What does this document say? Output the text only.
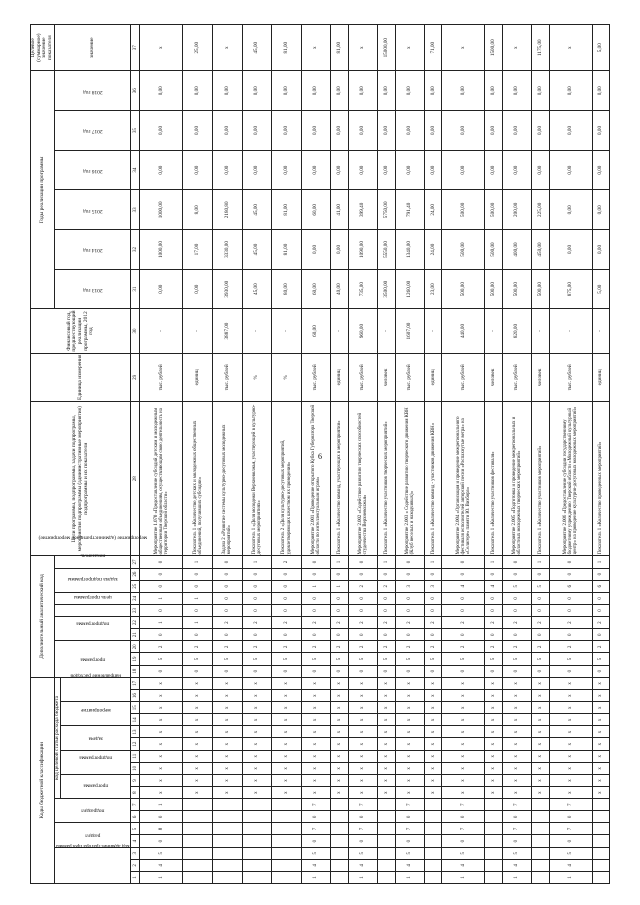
6
Коды бюджетной классификации																	Дополнительный аналитический код										Цели программы, подпрограммы, задачи подпрограмы, мероприятия подпрограммы (административные мероприятия) подпрограммы и их показатели	Единица измерения	Финансовый год, предшествующий реализации программы, 2012 год	Годы реализации программы						Целевое (суммарное) значение показателя
код администратора программы			раздел		подраздел		код целевой статьи расхода бюджета										программа			подпрограмма		цель программы	задача подпрограммы	мероприятие (административное мероприятие)		показатель				2013 год	2014 год	2015 год	2016 год	2017 год	2018 год	значение
							программа		подпрограмма		задача		мероприятие		направление расходов																					
1	2	3	4	5	6	7	8	9	10	11	12	13	14	15	16	17	18	19	20	21	22	23	24	25	26	27	28	29	30	31	32	33	34	35	36	37
1	4	5	0	8	0	1	x	x	x	x	x	x	x	x	x	x	0	5	2	0	1	0	1	0	0	0	Мероприятие 1.070 «Предоставление субсидий детским и молодежным общественным объединениям, осуществляющим свою деятельность на территории Тверской области»	тыс. рублей	-	0,00	1000,00	1000,00	0,00	0,00	0,00	x
							x	x	x	x	x	x	x	x	x	x	0	5	2	0	1	0	1	0	0	1	Показатель 1 «Количество детских и молодежных общественных объединений, получивших субсидии»	единиц	-	0,00	17,00	8,00	0,00	0,00	0,00	25,00
							x	x	x	x	x	x	x	x	x	x	0	5	2	0	2	0	0	0	0	0	Задача 2 «Развитие системы культурно-досуговых молодежных мероприятий»	тыс. рублей	3887,00	3930,00	3330,00	2180,80	0,00	0,00	0,00	x
							x	x	x	x	x	x	x	x	x	x	0	5	2	0	2	0	0	0	0	1	Показатель 1 «Доля молодежи Верхневолжья, участвующей в культурно-досуговых мероприятиях»	%	-	45,00	45,00	45,00	0,00	0,00	0,00	45,00
							x	x	x	x	x	x	x	x	x	x	0	5	2	0	2	0	0	0	0	2	Показатель 2 «Доля культурно-досуговых мероприятий, удовлетворяющих качеством их проведения»	%	-	80,00	81,00	81,00	0,00	0,00	0,00	81,00
1	4	5	0	7	0	7	x	x	x	x	x	x	x	x	x	x	0	5	2	0	2	0	0	1	0	0	Мероприятие 2.001 «Проведение открытого Кубка Губернатора Тверской области по интеллектуальным играм»	тыс. рублей	60,00	60,00	0,00	60,00	0,00	0,00	0,00	x
							x	x	x	x	x	x	x	x	x	x	0	5	2	0	2	0	0	1	0	1	Показатель 1 «Количество команд, участвующих в мероприятии»	единиц	-	40,00	0,00	41,00	0,00	0,00	0,00	81,00
1	4	5	0	7	0	7	x	x	x	x	x	x	x	x	x	x	0	5	2	0	2	0	0	2	0	0	Мероприятие 2.002 «Содействие развитию творческих способностей студенчества Верхневолжья»	тыс. рублей	960,00	735,00	1090,00	399,40	0,00	0,00	0,00	x
							x	x	x	x	x	x	x	x	x	x	0	5	2	0	2	0	0	2	0	1	Показатель 1 «Количество участников творческих мероприятий»	человек	-	3500,00	5550,00	5750,00	0,00	0,00	0,00	15000,00
1	4	5	0	7	0	7	x	x	x	x	x	x	x	x	x	x	0	5	2	0	2	0	0	3	0	0	Мероприятие 2.003 « Содействие развитию творческого движения КВН (Клуб веселых и находчивых)»	тыс. рублей	1607,00	1260,00	1340,00	791,40	0,00	0,00	0,00	x
							x	x	x	x	x	x	x	x	x	x	0	5	2	0	2	0	0	3	0	1	Показатель 1 «Количество команд - участников движения КВН»	единиц	-	23,00	24,00	24,00	0,00	0,00	0,00	71,00
1	4	5	0	7	0	7	x	x	x	x	x	x	x	x	x	x	0	5	2	0	2	0	0	4	0	0	Мероприятие 2.004 «Организация и проведение межрегионального фестиваля исполнителей авторской песни «Распахнутые ветра» на «Селигере» памяти Ю. Визбора»	тыс. рублей	440,00	500,00	500,00	500,00	0,00	0,00	0,00	x
							x	x	x	x	x	x	x	x	x	x	0	5	2	0	2	0	0	4	0	1	Показатель 1 «Количество участников фестиваля»	человек	-	500,00	500,00	500,00	0,00	0,00	0,00	1500,00
1	4	5	0	7	0	7	x	x	x	x	x	x	x	x	x	x	0	5	2	0	2	0	0	5	0	0	Мероприятие 2.005 «Подготовка и проведение межрегиональных и областных молодежных творческих мероприятий»	тыс. рублей	820,00	500,00	400,00	200,00	0,00	0,00	0,00	x
							x	x	x	x	x	x	x	x	x	x	0	5	2	0	2	0	0	5	0	1	Показатель 1 «Количество участников мероприятий»	человек	-	500,00	450,00	225,00	0,00	0,00	0,00	1175,00
1	4	5	0	7	0	7	x	x	x	x	x	x	x	x	x	x	0	5	2	0	2	0	0	6	0	0	Мероприятие 2.006 «Предоставление субсидии государственному бюджетному учреждению Тверской области «Молодежный культурный центр» на проведение культурно-досуговых молодежных мероприятий»	тыс. рублей	-	875,00	0,00	0,00	0,00	0,00	0,00	x
							x	x	x	x	x	x	x	x	x	x	0	5	2	0	2	0	0	6	0	1	Показатель 1 «Количество проведенных мероприятий»	единиц	-	5,00	0,00	0,00	0,00	0,00	0,00	5,00
